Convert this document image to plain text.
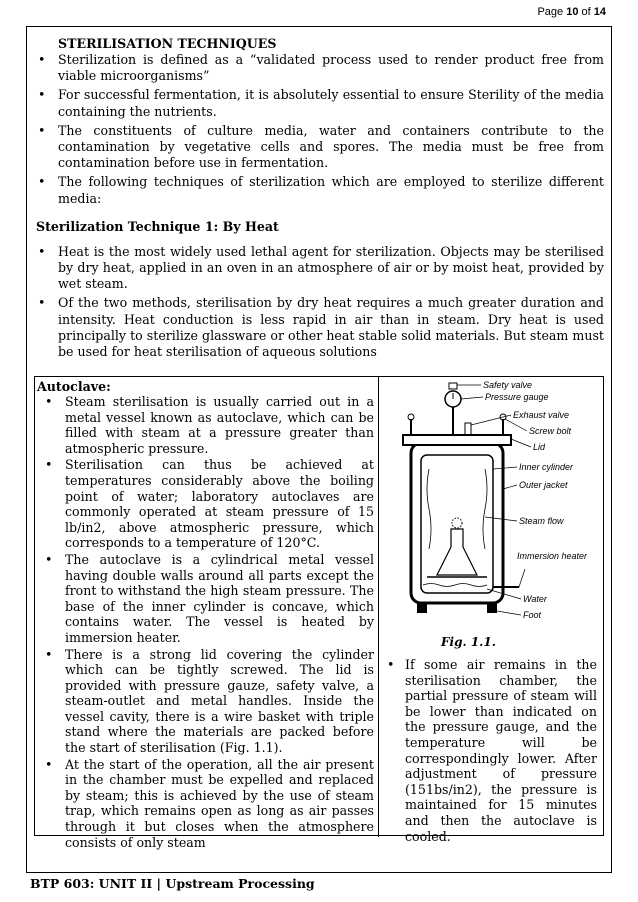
Page 10 of 14
STERILISATION TECHNIQUES
• Sterilization is defined as a “validated process used to render product free from viable microorganisms”
• For successful fermentation, it is absolutely essential to ensure Sterility of the media containing the nutrients.
• The constituents of culture media, water and containers contribute to the contamination by vegetative cells and spores. The media must be free from contamination before use in fermentation.
• The following techniques of sterilization which are employed to sterilize different media:
Sterilization Technique 1: By Heat
• Heat is the most widely used lethal agent for sterilization. Objects may be sterilised by dry heat, applied in an oven in an atmosphere of air or by moist heat, provided by wet steam.
• Of the two methods, sterilisation by dry heat requires a much greater duration and intensity. Heat conduction is less rapid in air than in steam. Dry heat is used principally to sterilize glassware or other heat stable solid materials. But steam must be used for heat sterilisation of aqueous solutions
Autoclave:
• Steam sterilisation is usually carried out in a metal vessel known as autoclave, which can be filled with steam at a pressure greater than atmospheric pressure.
• Sterilisation can thus be achieved at temperatures considerably above the boiling point of water; laboratory autoclaves are commonly operated at steam pressure of 15 lb/in2, above atmospheric pressure, which corresponds to a temperature of 120°C.
• The autoclave is a cylindrical metal vessel having double walls around all parts except the front to withstand the high steam pressure. The base of the inner cylinder is concave, which contains water. The vessel is heated by immersion heater.
• There is a strong lid covering the cylinder which can be tightly screwed. The lid is provided with pressure gauze, safety valve, a steam-outlet and metal handles. Inside the vessel cavity, there is a wire basket with triple stand where the materials are packed before the start of sterilisation (Fig. 1.1).
• At the start of the operation, all the air present in the chamber must be expelled and replaced by steam; this is achieved by the use of steam trap, which remains open as long as air passes through it but closes when the atmosphere consists of only steam
Safety valve
Pressure gauge
Exhaust valve
Screw bolt
Lid
Inner cylinder
Outer jacket
Steam flow
Immersion heater
Water
Foot
Fig. 1.1.
• If some air remains in the sterilisation chamber, the partial pressure of steam will be lower than indicated on the pressure gauge, and the temperature will be correspondingly lower. After adjustment of pressure (151bs/in2), the pressure is maintained for 15 minutes and then the autoclave is cooled.
BTP 603: UNIT II | Upstream Processing
